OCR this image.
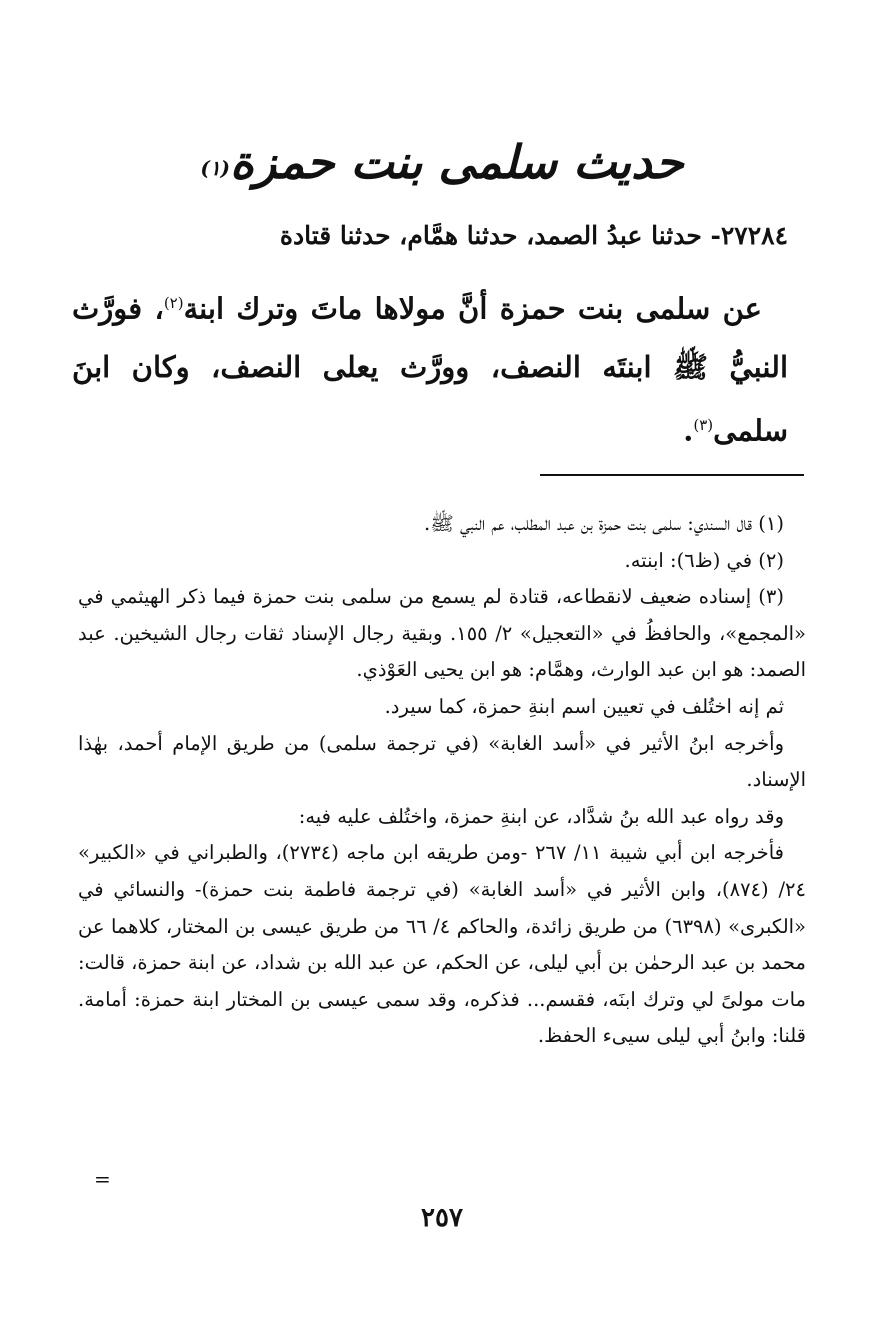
حديث سلمى بنت حمزة$^{(١)}$
٢٧٢٨٤- حدثنا عبدُ الصمد، حدثنا همَّام، حدثنا قتادة

عن سلمى بنت حمزة أنَّ مولاها ماتَ وترك ابنة$^{(٢)}$، فورَّث النبيُّ ﷺ ابنتَه النصف، وورَّث يعلى النصف، وكان ابنَ سلمى$^{(٣)}$.

(١) قال السندي: سلمى بنت حمزة بن عبد المطلب، عم النبي ﷺ.

(٢) في (ظ٦): ابنته.

(٣) إسناده ضعيف لانقطاعه، قتادة لم يسمع من سلمى بنت حمزة فيما ذكر الهيثمي في «المجمع»، والحافظُ في «التعجيل» ٢/ ١٥٥. وبقية رجال الإسناد ثقات رجال الشيخين. عبد الصمد: هو ابن عبد الوارث، وهمَّام: هو ابن يحيى العَوْذي.

ثم إنه اختُلف في تعيين اسم ابنةِ حمزة، كما سيرد.

وأخرجه ابنُ الأثير في «أسد الغابة» (في ترجمة سلمى) من طريق الإمام أحمد، بهٰذا الإسناد.

وقد رواه عبد الله بنُ شدَّاد، عن ابنةِ حمزة، واختُلف عليه فيه:

فأخرجه ابن أبي شيبة ١١/ ٢٦٧ -ومن طريقه ابن ماجه (٢٧٣٤)، والطبراني في «الكبير» ٢٤/ (٨٧٤)، وابن الأثير في «أسد الغابة» (في ترجمة فاطمة بنت حمزة)- والنسائي في «الكبرى» (٦٣٩٨) من طريق زائدة، والحاكم ٤/ ٦٦ من طريق عيسى بن المختار، كلاهما عن محمد بن عبد الرحمٰن بن أبي ليلى، عن الحكم، عن عبد الله بن شداد، عن ابنة حمزة، قالت: مات مولىً لي وترك ابنَه، فقسم... فذكره، وقد سمى عيسى بن المختار ابنة حمزة: أمامة. قلنا: وابنُ أبي ليلى سيىء الحفظ.

=
٢٥٧
